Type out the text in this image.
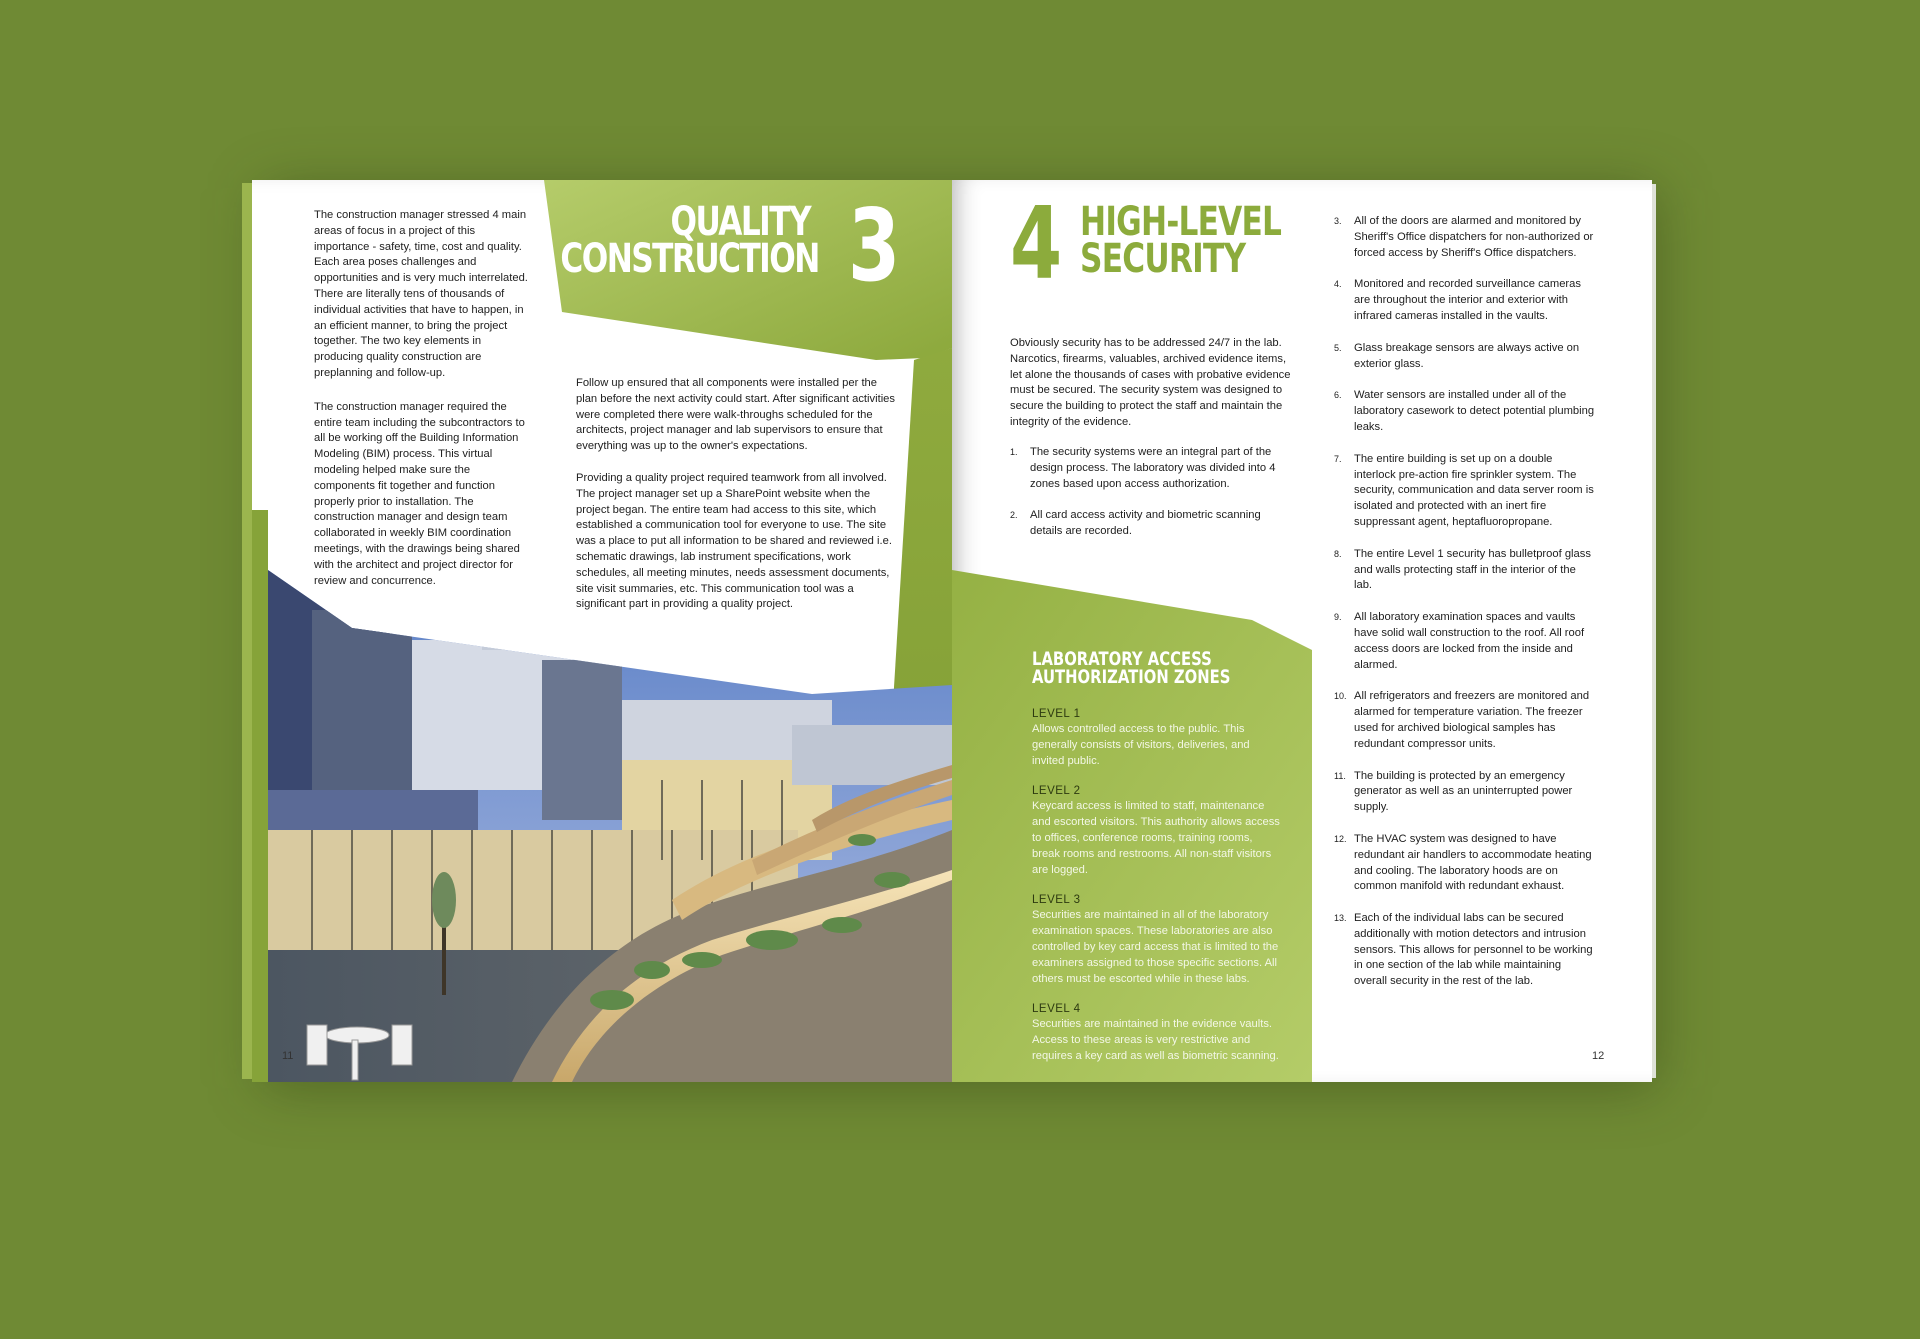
The construction manager stressed 4 main areas of focus in a project of this importance - safety, time, cost and quality. Each area poses challenges and opportunities and is very much interrelated. There are literally tens of thousands of individual activities that have to happen, in an efficient manner, to bring the project together. The two key elements in producing quality construction are preplanning and follow-up.

The construction manager required the entire team including the subcontractors to all be working off the Building Information Modeling (BIM) process. This virtual modeling helped make sure the components fit together and function properly prior to installation. The construction manager and design team collaborated in weekly BIM coordination meetings, with the drawings being shared with the architect and project director for review and concurrence.

QUALITY
CONSTRUCTION 3

Follow up ensured that all components were installed per the plan before the next activity could start. After significant activities were completed there were walk-throughs scheduled for the architects, project manager and lab supervisors to ensure that everything was up to the owner's expectations.

Providing a quality project required teamwork from all involved. The project manager set up a SharePoint website when the project began. The entire team had access to this site, which established a communication tool for everyone to use. The site was a place to put all information to be shared and reviewed i.e. schematic drawings, lab instrument specifications, work schedules, all meeting minutes, needs assessment documents, site visit summaries, etc. This communication tool was a significant part in providing a quality project.

11
4 HIGH-LEVEL
SECURITY
Obviously security has to be addressed 24/7 in the lab. Narcotics, firearms, valuables, archived evidence items, let alone the thousands of cases with probative evidence must be secured. The security system was designed to secure the building to protect the staff and maintain the integrity of the evidence.
1. The security systems were an integral part of the design process. The laboratory was divided into 4 zones based upon access authorization.
2. All card access activity and biometric scanning details are recorded.
LABORATORY ACCESS
AUTHORIZATION ZONES
LEVEL 1
Allows controlled access to the public. This generally consists of visitors, deliveries, and invited public.
LEVEL 2
Keycard access is limited to staff, maintenance and escorted visitors. This authority allows access to offices, conference rooms, training rooms, break rooms and restrooms. All non-staff visitors are logged.
LEVEL 3
Securities are maintained in all of the laboratory examination spaces. These laboratories are also controlled by key card access that is limited to the examiners assigned to those specific sections. All others must be escorted while in these labs.
LEVEL 4
Securities are maintained in the evidence vaults. Access to these areas is very restrictive and requires a key card as well as biometric scanning.
3. All of the doors are alarmed and monitored by Sheriff's Office dispatchers for non-authorized or forced access by Sheriff's Office dispatchers.
4. Monitored and recorded surveillance cameras are throughout the interior and exterior with infrared cameras installed in the vaults.
5. Glass breakage sensors are always active on exterior glass.
6. Water sensors are installed under all of the laboratory casework to detect potential plumbing leaks.
7. The entire building is set up on a double interlock pre-action fire sprinkler system. The security, communication and data server room is isolated and protected with an inert fire suppressant agent, heptafluoropropane.
8. The entire Level 1 security has bulletproof glass and walls protecting staff in the interior of the lab.
9. All laboratory examination spaces and vaults have solid wall construction to the roof. All roof access doors are locked from the inside and alarmed.
10. All refrigerators and freezers are monitored and alarmed for temperature variation. The freezer used for archived biological samples has redundant compressor units.
11. The building is protected by an emergency generator as well as an uninterrupted power supply.
12. The HVAC system was designed to have redundant air handlers to accommodate heating and cooling. The laboratory hoods are on common manifold with redundant exhaust.
13. Each of the individual labs can be secured additionally with motion detectors and intrusion sensors. This allows for personnel to be working in one section of the lab while maintaining overall security in the rest of the lab.
12
